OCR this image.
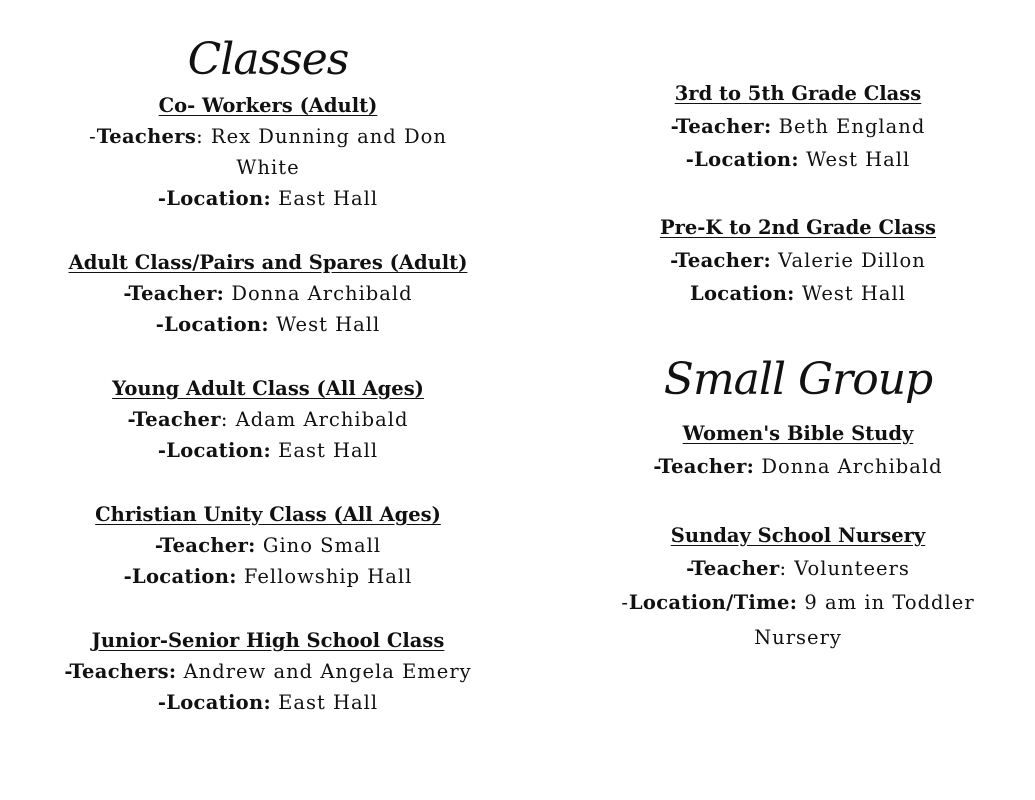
Classes
Co- Workers (Adult)
-Teachers: Rex Dunning and Don
White
-Location: East Hall
Adult Class/Pairs and Spares (Adult)
-Teacher: Donna Archibald
-Location: West Hall
Young Adult Class (All Ages)
-Teacher: Adam Archibald
-Location: East Hall
Christian Unity Class (All Ages)
-Teacher: Gino Small
-Location: Fellowship Hall
Junior-Senior High School Class
-Teachers: Andrew and Angela Emery
-Location: East Hall
3rd to 5th Grade Class
-Teacher: Beth England
-Location: West Hall
Pre-K to 2nd Grade Class
-Teacher: Valerie Dillon
Location: West Hall
Small Group
Women's Bible Study
-Teacher: Donna Archibald
Sunday School Nursery
-Teacher: Volunteers
-Location/Time: 9 am in Toddler
Nursery
